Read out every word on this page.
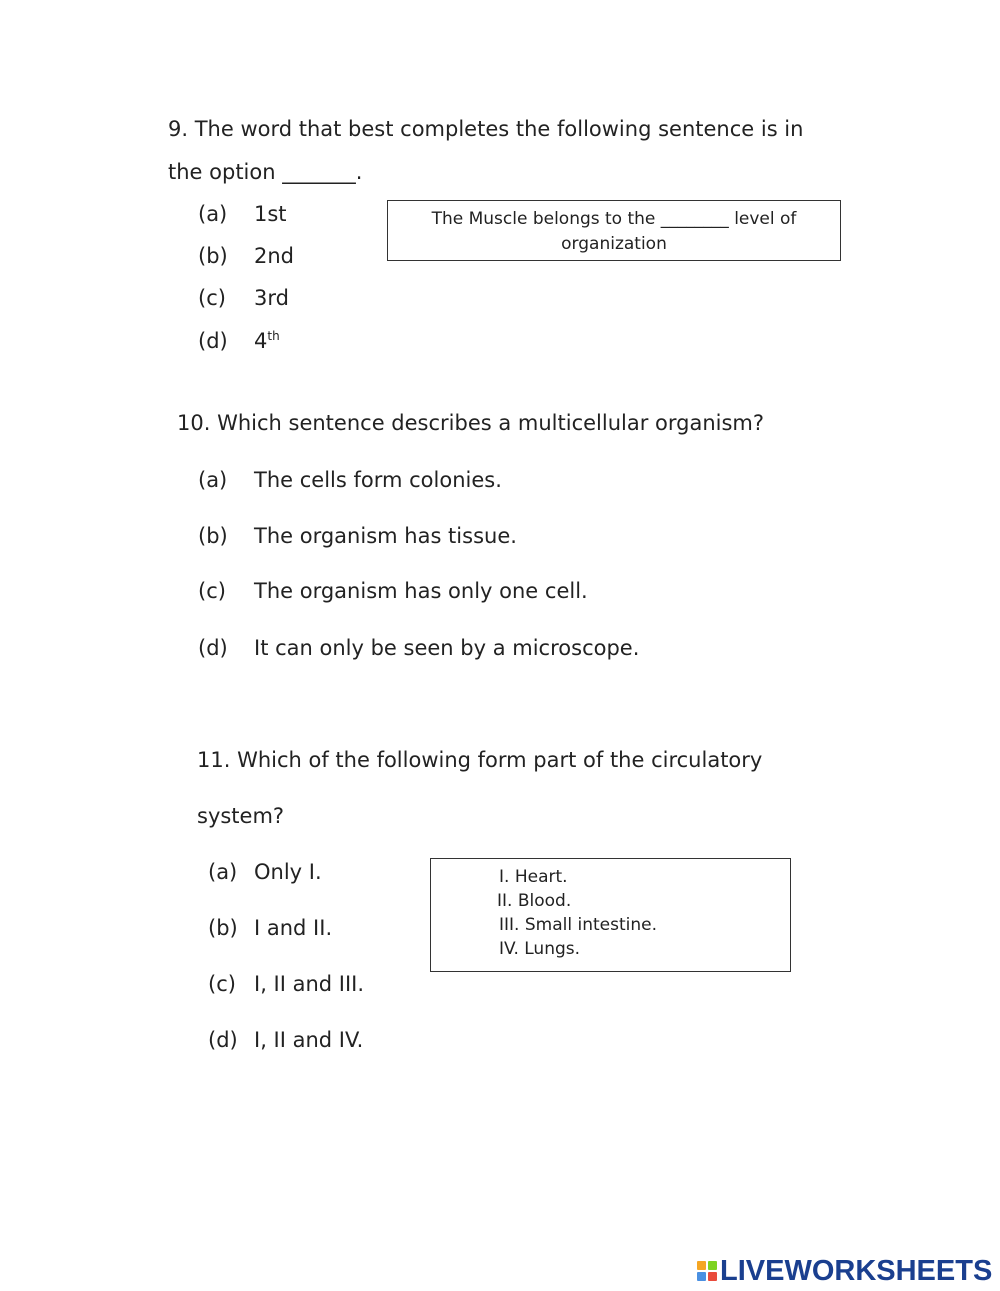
9. The word that best completes the following sentence is in
the option _______.
(a) 1st
(b) 2nd
(c) 3rd
(d) 4th
The Muscle belongs to the ________ level of
organization
10. Which sentence describes a multicellular organism?
(a) The cells form colonies.
(b) The organism has tissue.
(c) The organism has only one cell.
(d) It can only be seen by a microscope.
11. Which of the following form part of the circulatory
system?
(a) Only I.
(b) I and II.
(c) I, II and III.
(d) I, II and IV.
I. Heart.
II. Blood.
III. Small intestine.
IV. Lungs.
LIVEWORKSHEETS
